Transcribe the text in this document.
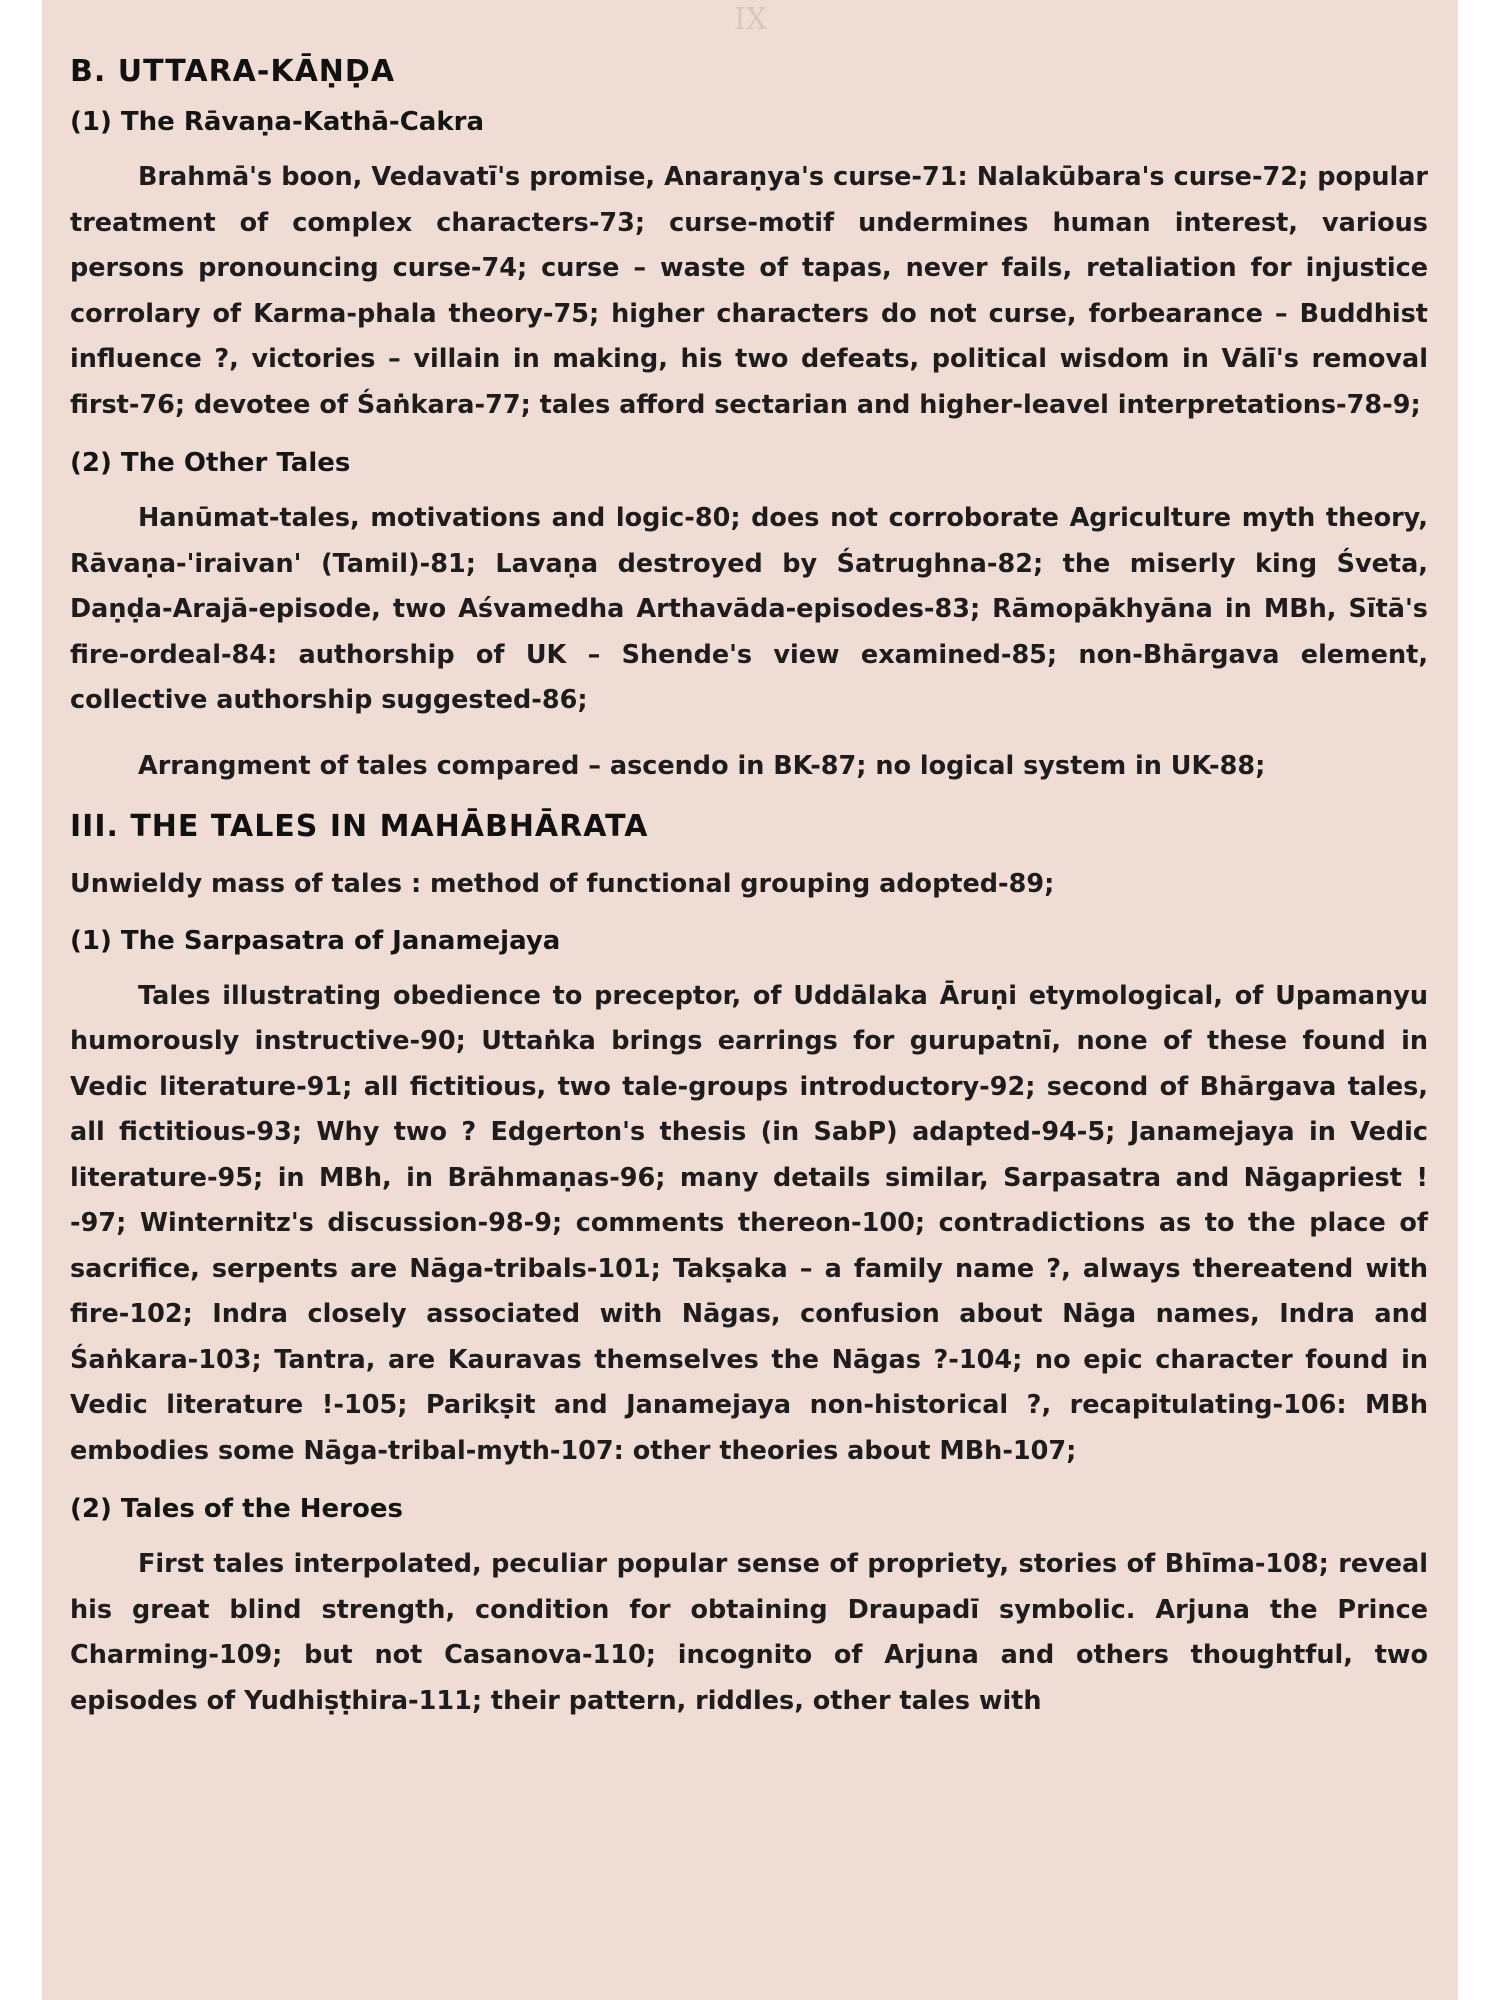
IX
B. UTTARA-KĀṆḌA
(1) The Rāvaṇa-Kathā-Cakra

Brahmā's boon, Vedavatī's promise, Anaraṇya's curse-71: Nalakūbara's curse-72; popular treatment of complex characters-73; curse-motif undermines human interest, various persons pronouncing curse-74; curse – waste of tapas, never fails, retaliation for injustice corrolary of Karma-phala theory-75; higher characters do not curse, forbearance – Buddhist influence ?, victories – villain in making, his two defeats, political wisdom in Vālī's removal first-76; devotee of Śaṅkara-77; tales afford sectarian and higher-leavel interpretations-78-9;

(2) The Other Tales

Hanūmat-tales, motivations and logic-80; does not corroborate Agriculture myth theory, Rāvaṇa-'iraivan' (Tamil)-81; Lavaṇa destroyed by Śatrughna-82; the miserly king Śveta, Daṇḍa-Arajā-episode, two Aśvamedha Arthavāda-episodes-83; Rāmopākhyāna in MBh, Sītā's fire-ordeal-84: authorship of UK – Shende's view examined-85; non-Bhārgava element, collective authorship suggested-86;

Arrangment of tales compared – ascendo in BK-87; no logical system in UK-88;

III. THE TALES IN MAHĀBHĀRATA

Unwieldy mass of tales : method of functional grouping adopted-89;

(1) The Sarpasatra of Janamejaya

Tales illustrating obedience to preceptor, of Uddālaka Āruṇi etymological, of Upamanyu humorously instructive-90; Uttaṅka brings earrings for gurupatnī, none of these found in Vedic literature-91; all fictitious, two tale-groups introductory-92; second of Bhārgava tales, all fictitious-93; Why two ? Edgerton's thesis (in SabP) adapted-94-5; Janamejaya in Vedic literature-95; in MBh, in Brāhmaṇas-96; many details similar, Sarpasatra and Nāgapriest ! -97; Winternitz's discussion-98-9; comments thereon-100; contradictions as to the place of sacrifice, serpents are Nāga-tribals-101; Takṣaka – a family name ?, always thereatend with fire-102; Indra closely associated with Nāgas, confusion about Nāga names, Indra and Śaṅkara-103; Tantra, are Kauravas themselves the Nāgas ?-104; no epic character found in Vedic literature !-105; Parikṣit and Janamejaya non-historical ?, recapitulating-106: MBh embodies some Nāga-tribal-myth-107: other theories about MBh-107;

(2) Tales of the Heroes

First tales interpolated, peculiar popular sense of propriety, stories of Bhīma-108; reveal his great blind strength, condition for obtaining Draupadī symbolic. Arjuna the Prince Charming-109; but not Casanova-110; incognito of Arjuna and others thoughtful, two episodes of Yudhiṣṭhira-111; their pattern, riddles, other tales with
